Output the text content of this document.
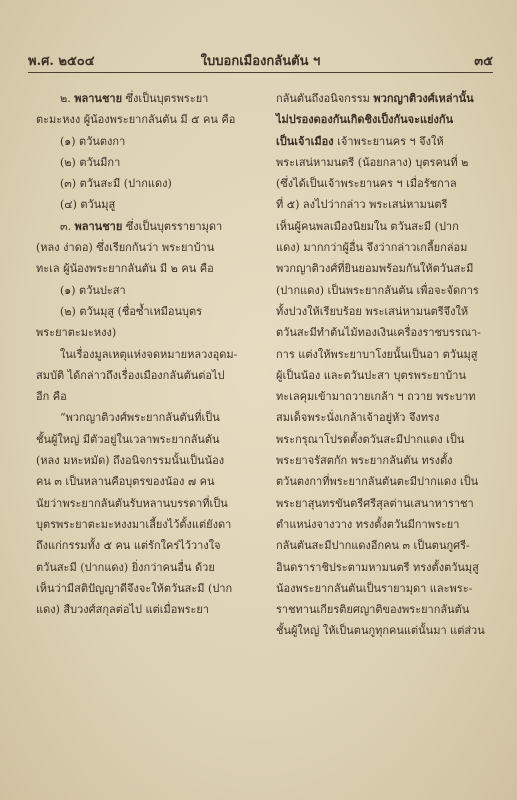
พ.ศ. ๒๕๐๔	ใบบอกเมืองกลันตัน ฯ	๓๕

๒. พลานชาย ซึ่งเป็นบุตรพระยา

ตะมะหงง ผู้น้องพระยากลันตัน มี ๕ คน คือ

(๑) ตวันตงกา

(๒) ตวันมีกา

(๓) ตวันสะมี (ปากแดง)

(๔) ตวันมุสู

๓. พลานชาย ซึ่งเป็นบุตรรายามุดา

(หลง ง่าดอ) ซึ่งเรียกกันว่า พระยาบ้าน

ทะเล ผู้น้องพระยากลันตัน มี ๒ คน คือ

(๑) ตวันปะสา

(๒) ตวันมุสู (ชื่อซ้ำเหมือนบุตร

พระยาตะมะหงง)

ในเรื่องมูลเหตุแห่งจดหมายหลวงอุดม-

สมบัติ ได้กล่าวถึงเรื่องเมืองกลันตันต่อไป

อีก คือ

“พวกญาติวงศ์พระยากลันตันที่เป็น

ชั้นผู้ใหญ่ มีตัวอยู่ในเวลาพระยากลันตัน

(หลง มหะหมัด) ถึงอนิจกรรมนั้นเป็นน้อง

คน ๓ เป็นหลานคือบุตรของน้อง ๗ คน

นัยว่าพระยากลันตันรับหลานบรรดาที่เป็น

บุตรพระยาตะมะหงงมาเลี้ยงไว้ตั้งแต่ยังดา

ถึงแก่กรรมทั้ง ๕ คน แต่รักใคร่ไว้วางใจ

ตวันสะมี (ปากแดง) ยิ่งกว่าคนอื่น ด้วย

เห็นว่ามีสติปัญญาดีจึงจะให้ตวันสะมี (ปาก

แดง) สืบวงศ์สกุลต่อไป แต่เมื่อพระยา

กลันตันถึงอนิจกรรม พวกญาติวงศ์เหล่านั้น

ไม่ปรองดองกันเกิดชิงเป็งกันจะแย่งกัน

เป็นเจ้าเมือง เจ้าพระยานคร ฯ จึงให้

พระเสน่หามนตรี (น้อยกลาง) บุตรคนที่ ๒

(ซึ่งได้เป็นเจ้าพระยานคร ฯ เมื่อรัชกาล

ที่ ๕) ลงไปว่ากล่าว พระเสน่หามนตรี

เห็นผู้คนพลเมืองนิยมใน ตวันสะมี (ปาก

แดง) มากกว่าผู้อื่น จึงว่ากล่าวเกลี้ยกล่อม

พวกญาติวงศ์ที่ยินยอมพร้อมกันให้ตวันสะมี

(ปากแดง) เป็นพระยากลันตัน เพื่อจะจัดการ

ทั้งปวงให้เรียบร้อย พระเสน่หามนตรีจึงให้

ตวันสะมีทำต้นไม้ทองเงินเครื่องราชบรรณา-

การ แต่งให้พระยาบาโงยนั้นเป็นอา ตวันมุสู

ผู้เป็นน้อง และตวันปะสา บุตรพระยาบ้าน

ทะเลคุมเข้ามาถวายเกล้า ฯ ถวาย พระบาท

สมเด็จพระนั่งเกล้าเจ้าอยู่หัว จึงทรง

พระกรุณาโปรดตั้งตวันสะมีปากแดง เป็น

พระยาจรัสตกัก พระยากลันตัน ทรงตั้ง

ตวันตงกาที่พระยากลันตันตะมีปากแดง เป็น

พระยาสุนทรขันตรีศรีสุลต่านเสนาหาราชา

ตำแหน่งจางวาง ทรงตั้งตวันมีกาพระยา

กลันตันสะมีปากแดงอีกคน ๓ เป็นตนกูศรี-

อินดราราชิประตามหามนตรี ทรงตั้งตวันมุสู

น้องพระยากลันตันเป็นรายามุดา และพระ-

ราชทานเกียรติยศญาติของพระยากลันตัน

ชั้นผู้ใหญ่ ให้เป็นตนกูทุกคนแต่นั้นมา แต่ส่วน
